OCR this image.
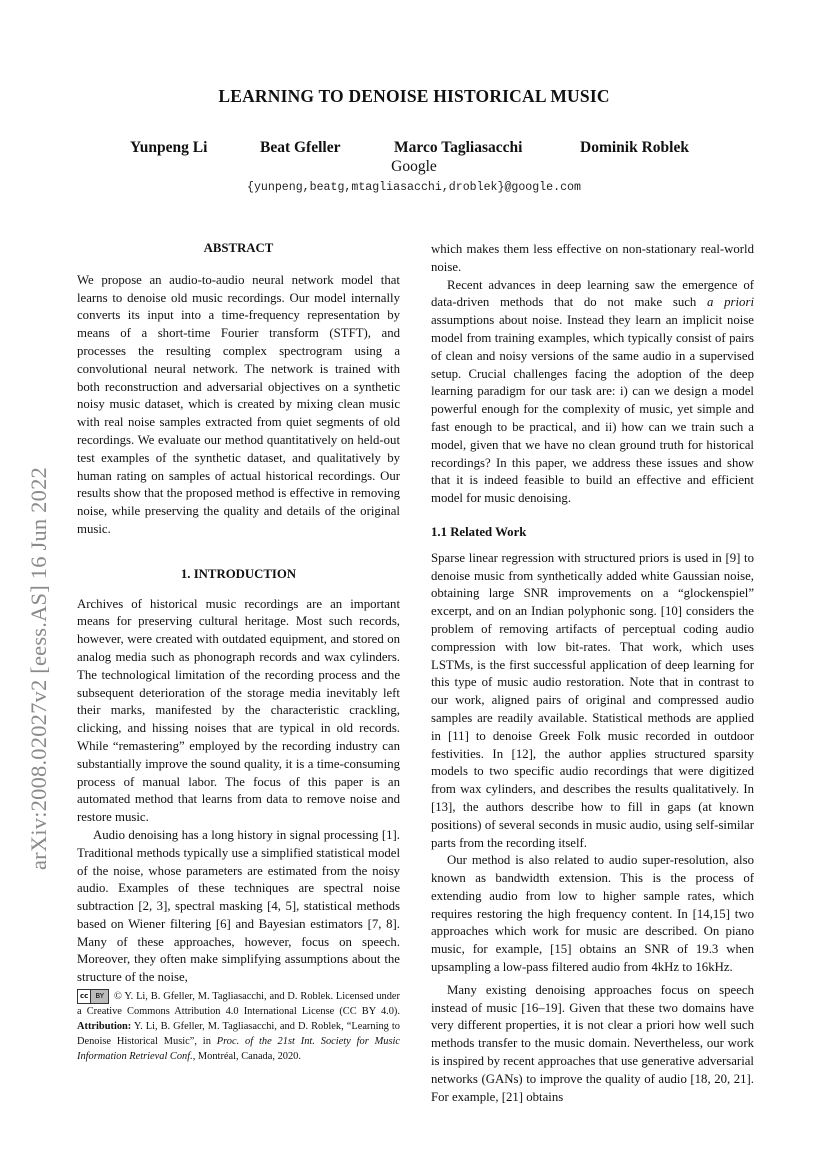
arXiv:2008.02027v2 [eess.AS] 16 Jun 2022
LEARNING TO DENOISE HISTORICAL MUSIC
Yunpeng Li	Beat Gfeller	Marco Tagliasacchi	Dominik Roblek
Google
{yunpeng,beatg,mtagliasacchi,droblek}@google.com
ABSTRACT

We propose an audio-to-audio neural network model that learns to denoise old music recordings. Our model internally converts its input into a time-frequency representation by means of a short-time Fourier transform (STFT), and processes the resulting complex spectrogram using a convolutional neural network. The network is trained with both reconstruction and adversarial objectives on a synthetic noisy music dataset, which is created by mixing clean music with real noise samples extracted from quiet segments of old recordings. We evaluate our method quantitatively on held-out test examples of the synthetic dataset, and qualitatively by human rating on samples of actual historical recordings. Our results show that the proposed method is effective in removing noise, while preserving the quality and details of the original music.

1. INTRODUCTION

Archives of historical music recordings are an important means for preserving cultural heritage. Most such records, however, were created with outdated equipment, and stored on analog media such as phonograph records and wax cylinders. The technological limitation of the recording process and the subsequent deterioration of the storage media inevitably left their marks, manifested by the characteristic crackling, clicking, and hissing noises that are typical in old records. While “remastering” employed by the recording industry can substantially improve the sound quality, it is a time-consuming process of manual labor. The focus of this paper is an automated method that learns from data to remove noise and restore music.

Audio denoising has a long history in signal processing [1]. Traditional methods typically use a simplified statistical model of the noise, whose parameters are estimated from the noisy audio. Examples of these techniques are spectral noise subtraction [2, 3], spectral masking [4, 5], statistical methods based on Wiener filtering [6] and Bayesian estimators [7, 8]. Many of these approaches, however, focus on speech. Moreover, they often make simplifying assumptions about the structure of the noise,

which makes them less effective on non-stationary real-world noise.

Recent advances in deep learning saw the emergence of data-driven methods that do not make such a priori assumptions about noise. Instead they learn an implicit noise model from training examples, which typically consist of pairs of clean and noisy versions of the same audio in a supervised setup. Crucial challenges facing the adoption of the deep learning paradigm for our task are: i) can we design a model powerful enough for the complexity of music, yet simple and fast enough to be practical, and ii) how can we train such a model, given that we have no clean ground truth for historical recordings? In this paper, we address these issues and show that it is indeed feasible to build an effective and efficient model for music denoising.

1.1 Related Work

Sparse linear regression with structured priors is used in [9] to denoise music from synthetically added white Gaussian noise, obtaining large SNR improvements on a “glockenspiel” excerpt, and on an Indian polyphonic song. [10] considers the problem of removing artifacts of perceptual coding audio compression with low bit-rates. That work, which uses LSTMs, is the first successful application of deep learning for this type of music audio restoration. Note that in contrast to our work, aligned pairs of original and compressed audio samples are readily available. Statistical methods are applied in [11] to denoise Greek Folk music recorded in outdoor festivities. In [12], the author applies structured sparsity models to two specific audio recordings that were digitized from wax cylinders, and describes the results qualitatively. In [13], the authors describe how to fill in gaps (at known positions) of several seconds in music audio, using self-similar parts from the recording itself.

Our method is also related to audio super-resolution, also known as bandwidth extension. This is the process of extending audio from low to higher sample rates, which requires restoring the high frequency content. In [14,15] two approaches which work for music are described. On piano music, for example, [15] obtains an SNR of 19.3 when upsampling a low-pass filtered audio from 4kHz to 16kHz.

Many existing denoising approaches focus on speech instead of music [16–19]. Given that these two domains have very different properties, it is not clear a priori how well such methods transfer to the music domain. Nevertheless, our work is inspired by recent approaches that use generative adversarial networks (GANs) to improve the quality of audio [18, 20, 21]. For example, [21] obtains

cc	BY © Y. Li, B. Gfeller, M. Tagliasacchi, and D. Roblek. Licensed under a Creative Commons Attribution 4.0 International License (CC BY 4.0). Attribution: Y. Li, B. Gfeller, M. Tagliasacchi, and D. Roblek, “Learning to Denoise Historical Music”, in Proc. of the 21st Int. Society for Music Information Retrieval Conf., Montréal, Canada, 2020.
